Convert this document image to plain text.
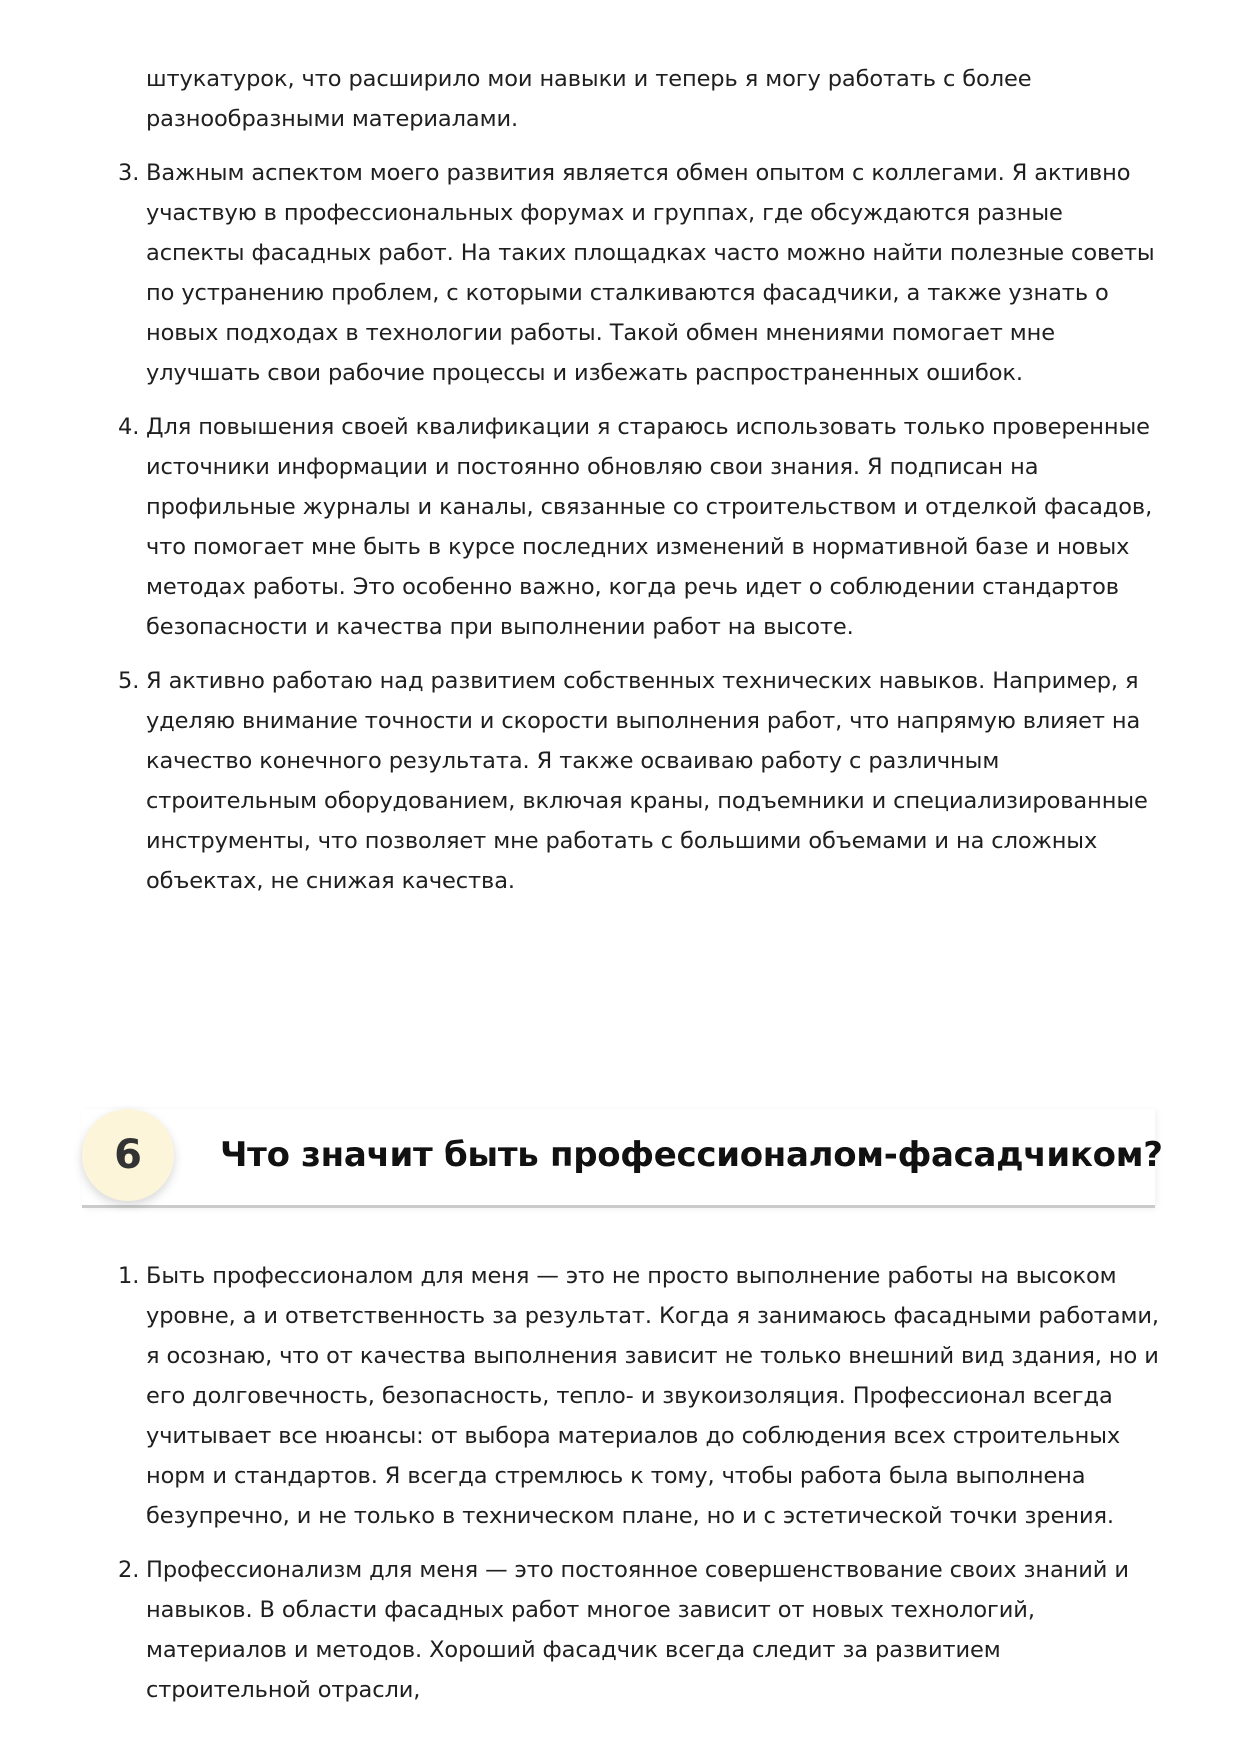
штукатурок, что расширило мои навыки и теперь я могу работать с более разнообразными материалами.
3. Важным аспектом моего развития является обмен опытом с коллегами. Я активно участвую в профессиональных форумах и группах, где обсуждаются разные аспекты фасадных работ. На таких площадках часто можно найти полезные советы по устранению проблем, с которыми сталкиваются фасадчики, а также узнать о новых подходах в технологии работы. Такой обмен мнениями помогает мне улучшать свои рабочие процессы и избежать распространенных ошибок.
4. Для повышения своей квалификации я стараюсь использовать только проверенные источники информации и постоянно обновляю свои знания. Я подписан на профильные журналы и каналы, связанные со строительством и отделкой фасадов, что помогает мне быть в курсе последних изменений в нормативной базе и новых методах работы. Это особенно важно, когда речь идет о соблюдении стандартов безопасности и качества при выполнении работ на высоте.
5. Я активно работаю над развитием собственных технических навыков. Например, я уделяю внимание точности и скорости выполнения работ, что напрямую влияет на качество конечного результата. Я также осваиваю работу с различным строительным оборудованием, включая краны, подъемники и специализированные инструменты, что позволяет мне работать с большими объемами и на сложных объектах, не снижая качества.
6	Что значит быть профессионалом-фасадчиком?
1. Быть профессионалом для меня — это не просто выполнение работы на высоком уровне, а и ответственность за результат. Когда я занимаюсь фасадными работами, я осознаю, что от качества выполнения зависит не только внешний вид здания, но и его долговечность, безопасность, тепло- и звукоизоляция. Профессионал всегда учитывает все нюансы: от выбора материалов до соблюдения всех строительных норм и стандартов. Я всегда стремлюсь к тому, чтобы работа была выполнена безупречно, и не только в техническом плане, но и с эстетической точки зрения.
2. Профессионализм для меня — это постоянное совершенствование своих знаний и навыков. В области фасадных работ многое зависит от новых технологий, материалов и методов. Хороший фасадчик всегда следит за развитием строительной отрасли,
